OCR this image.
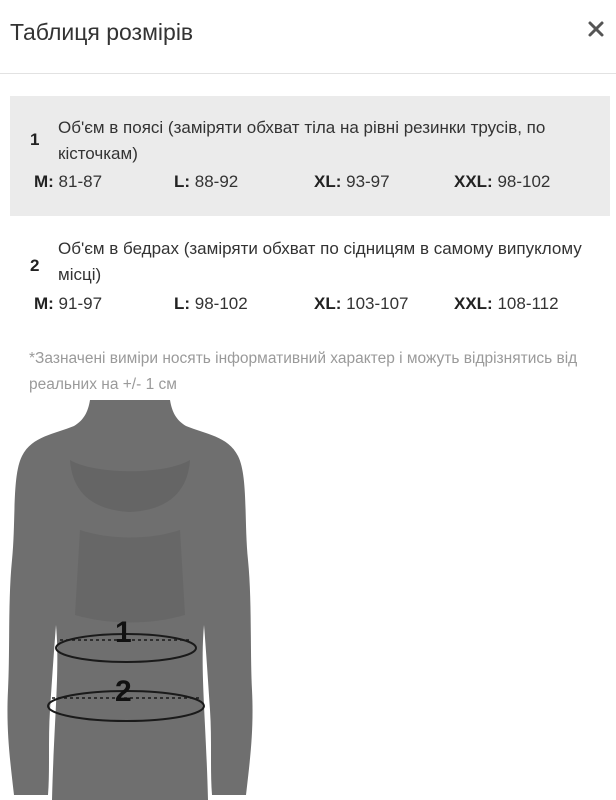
Таблиця розмірів
1
Об'єм в поясі (заміряти обхват тіла на рівні резинки трусів, по кісточкам)
M: 81-87	L: 88-92	XL: 93-97	XXL: 98-102
2
Об'єм в бедрах (заміряти обхват по сідницям в самому випуклому місці)
M: 91-97	L: 98-102	XL: 103-107	XXL: 108-112

*Зазначені виміри носять інформативний характер і можуть відрізнятись від реальних на +/- 1 см

1
2
